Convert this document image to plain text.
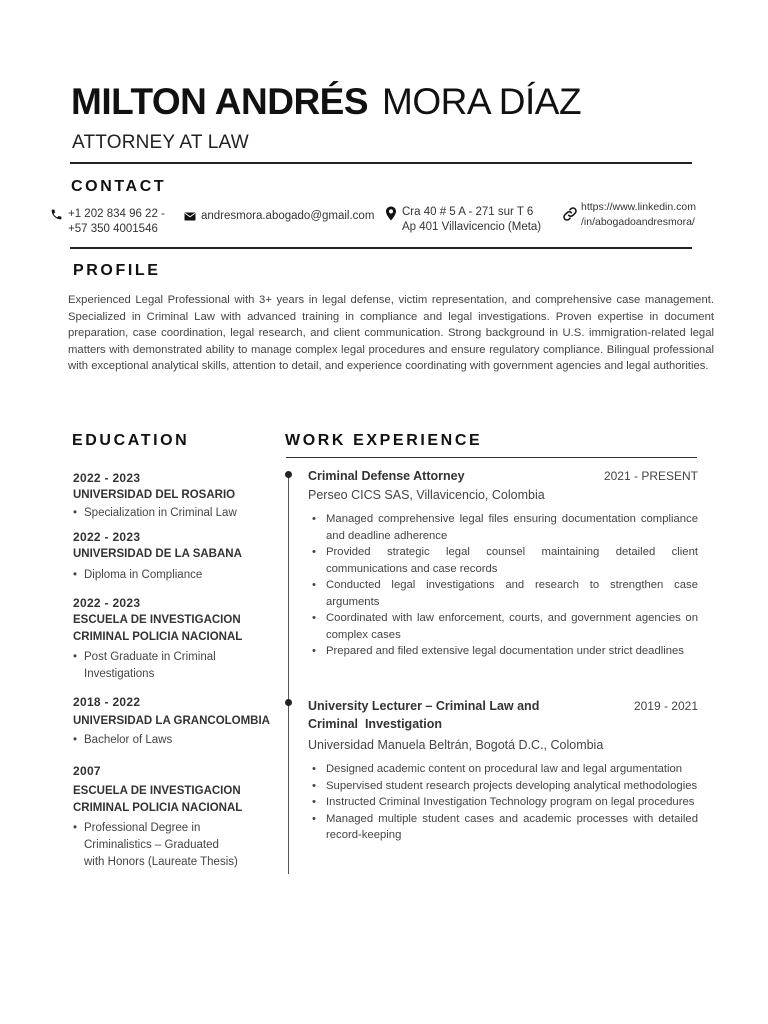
MILTON ANDRÉS MORA DÍAZ
ATTORNEY AT LAW
CONTACT
+1 202 834 96 22 -
+57 350 4001546
andresmora.abogado@gmail.com Cra 40 # 5 A - 271 sur T 6
Ap 401 Villavicencio (Meta)
https://www.linkedin.com
/in/abogadoandresmora/
PROFILE
Experienced Legal Professional with 3+ years in legal defense, victim representation, and comprehensive case management. Specialized in Criminal Law with advanced training in compliance and legal investigations. Proven expertise in document preparation, case coordination, legal research, and client communication. Strong background in U.S. immigration-related legal matters with demonstrated ability to manage complex legal procedures and ensure regulatory compliance. Bilingual professional with exceptional analytical skills, attention to detail, and experience coordinating with government agencies and legal authorities.
EDUCATION
2022 - 2023
UNIVERSIDAD DEL ROSARIO
• Specialization in Criminal Law
2022 - 2023
UNIVERSIDAD DE LA SABANA
• Diploma in Compliance
2022 - 2023
ESCUELA DE INVESTIGACION
CRIMINAL POLICIA NACIONAL
• Post Graduate in Criminal
Investigations
2018 - 2022
UNIVERSIDAD LA GRANCOLOMBIA
• Bachelor of Laws
2007
ESCUELA DE INVESTIGACION
CRIMINAL POLICIA NACIONAL
• Professional Degree in
Criminalistics – Graduated
with Honors (Laureate Thesis)
WORK EXPERIENCE
Criminal Defense Attorney	2021 - PRESENT
Perseo CICS SAS, Villavicencio, Colombia
• Managed comprehensive legal files ensuring documentation compliance and deadline adherence
• Provided strategic legal counsel maintaining detailed client communications and case records
• Conducted legal investigations and research to strengthen case arguments
• Coordinated with law enforcement, courts, and government agencies on complex cases
• Prepared and filed extensive legal documentation under strict deadlines
University Lecturer – Criminal Law and
Criminal  Investigation
2019 - 2021
Universidad Manuela Beltrán, Bogotá D.C., Colombia
• Designed academic content on procedural law and legal argumentation
• Supervised student research projects developing analytical methodologies
• Instructed Criminal Investigation Technology program on legal procedures
• Managed multiple student cases and academic processes with detailed record-keeping
